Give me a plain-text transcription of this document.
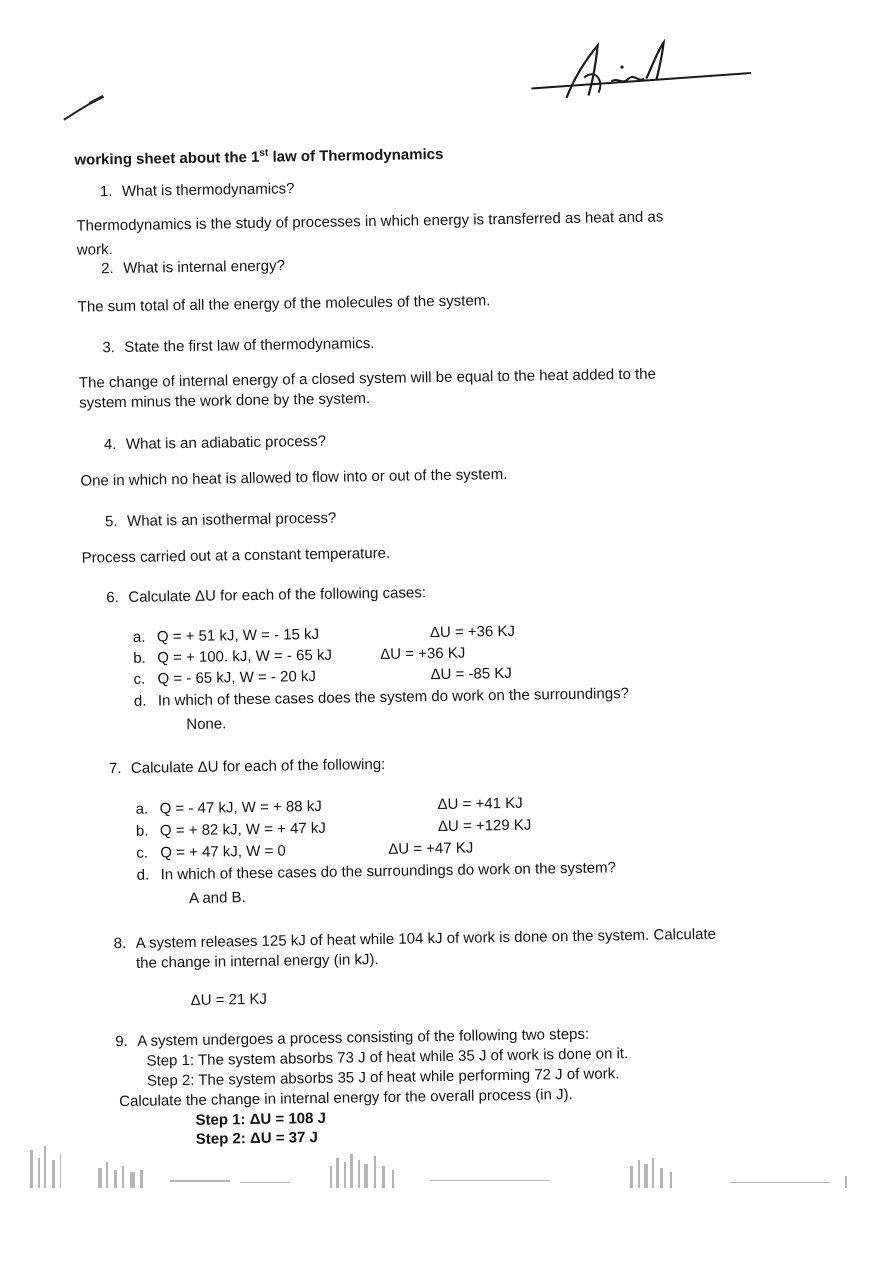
working sheet about the 1st law of Thermodynamics
1. What is thermodynamics?
Thermodynamics is the study of processes in which energy is transferred as heat and as
work.
2. What is internal energy?
The sum total of all the energy of the molecules of the system.
3. State the first law of thermodynamics.
The change of internal energy of a closed system will be equal to the heat added to the
system minus the work done by the system.
4. What is an adiabatic process?
One in which no heat is allowed to flow into or out of the system.
5. What is an isothermal process?
Process carried out at a constant temperature.
6. Calculate ΔU for each of the following cases:
a. Q = + 51 kJ, W = - 15 kJ	ΔU = +36 KJ
b. Q = + 100. kJ, W = - 65 kJ	ΔU = +36 KJ
c. Q = - 65 kJ, W = - 20 kJ	ΔU = -85 KJ
d. In which of these cases does the system do work on the surroundings?
None.
7. Calculate ΔU for each of the following:
a. Q = - 47 kJ, W = + 88 kJ	ΔU = +41 KJ
b. Q = + 82 kJ, W = + 47 kJ	ΔU = +129 KJ
c. Q = + 47 kJ, W = 0	ΔU = +47 KJ
d. In which of these cases do the surroundings do work on the system?
A and B.
8. A system releases 125 kJ of heat while 104 kJ of work is done on the system. Calculate
the change in internal energy (in kJ).
ΔU = 21 KJ
9. A system undergoes a process consisting of the following two steps:
Step 1: The system absorbs 73 J of heat while 35 J of work is done on it.
Step 2: The system absorbs 35 J of heat while performing 72 J of work.
Calculate the change in internal energy for the overall process (in J).
Step 1: ΔU = 108 J
Step 2: ΔU = 37 J
